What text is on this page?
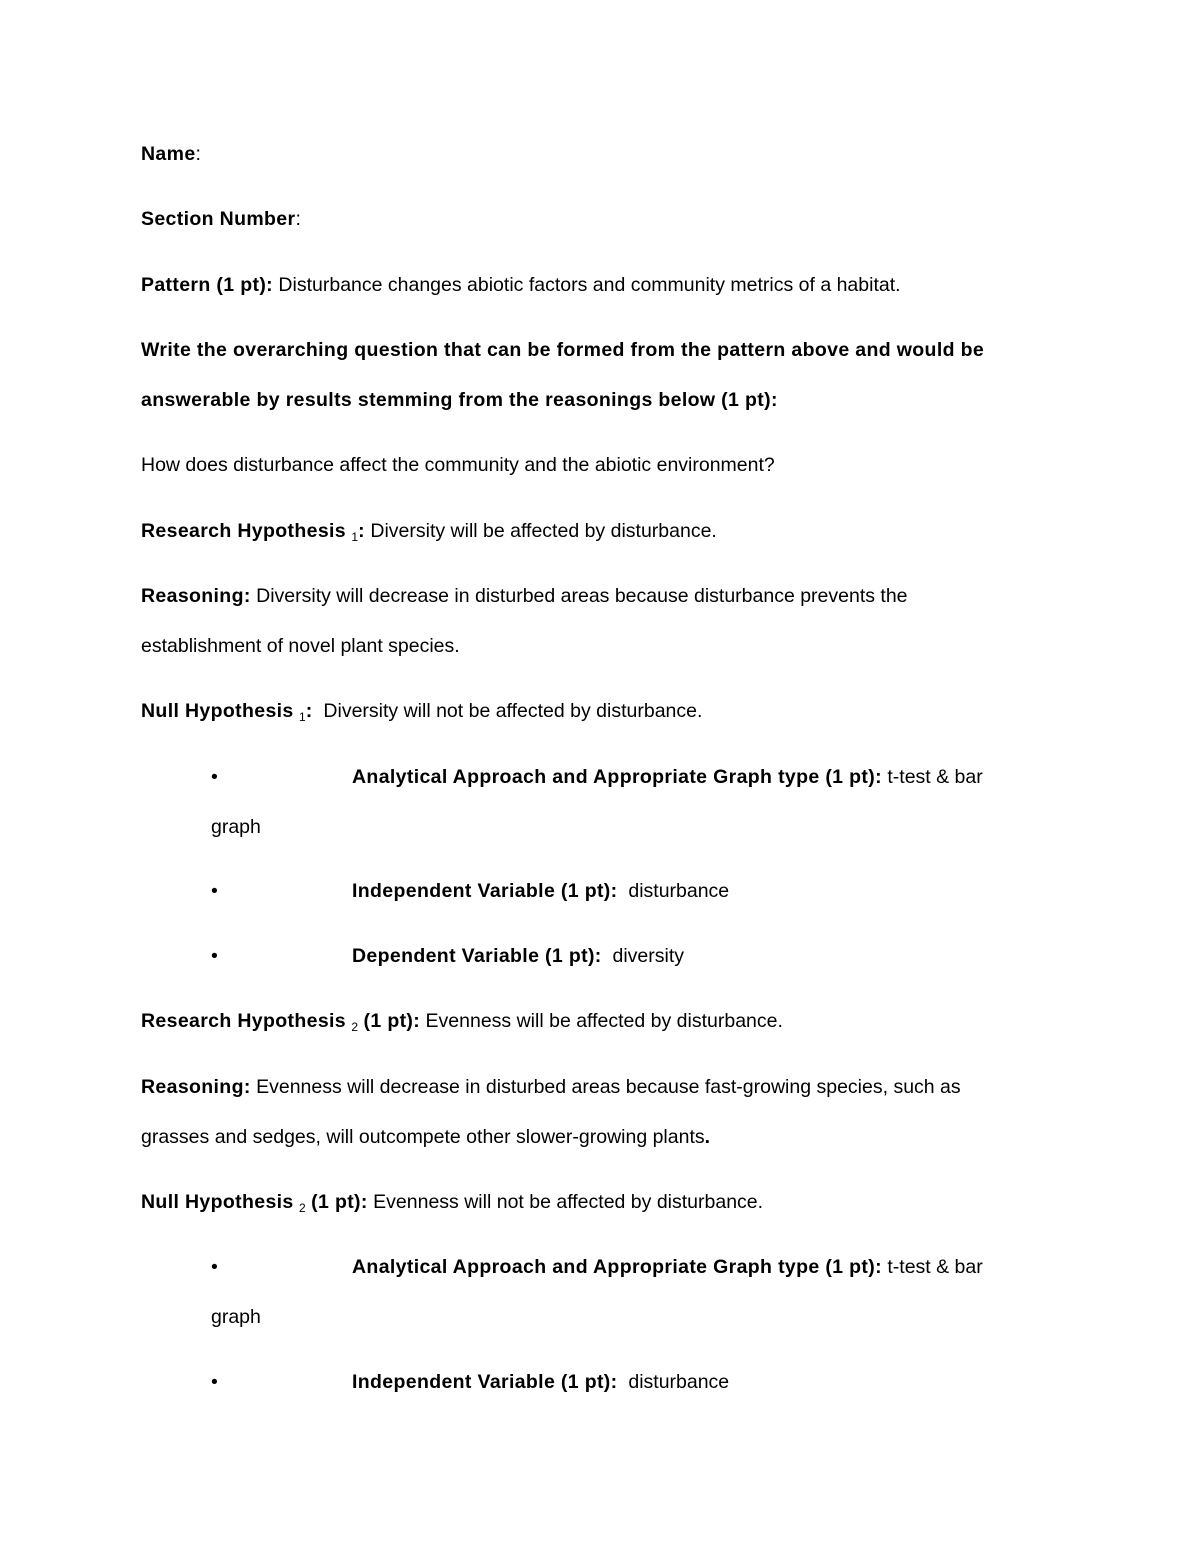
Name:
Section Number:
Pattern (1 pt): Disturbance changes abiotic factors and community metrics of a habitat.
Write the overarching question that can be formed from the pattern above and would be
answerable by results stemming from the reasonings below (1 pt):
How does disturbance affect the community and the abiotic environment?
Research Hypothesis $_1$: Diversity will be affected by disturbance.
Reasoning: Diversity will decrease in disturbed areas because disturbance prevents the
establishment of novel plant species.
Null Hypothesis $_1$: Diversity will not be affected by disturbance.
•	Analytical Approach and Appropriate Graph type (1 pt): t-test & bar
graph
•	Independent Variable (1 pt): disturbance
•	Dependent Variable (1 pt): diversity
Research Hypothesis $_2$ (1 pt): Evenness will be affected by disturbance.
Reasoning: Evenness will decrease in disturbed areas because fast-growing species, such as
grasses and sedges, will outcompete other slower-growing plants.
Null Hypothesis $_2$ (1 pt): Evenness will not be affected by disturbance.
•	Analytical Approach and Appropriate Graph type (1 pt): t-test & bar
graph
•	Independent Variable (1 pt): disturbance
